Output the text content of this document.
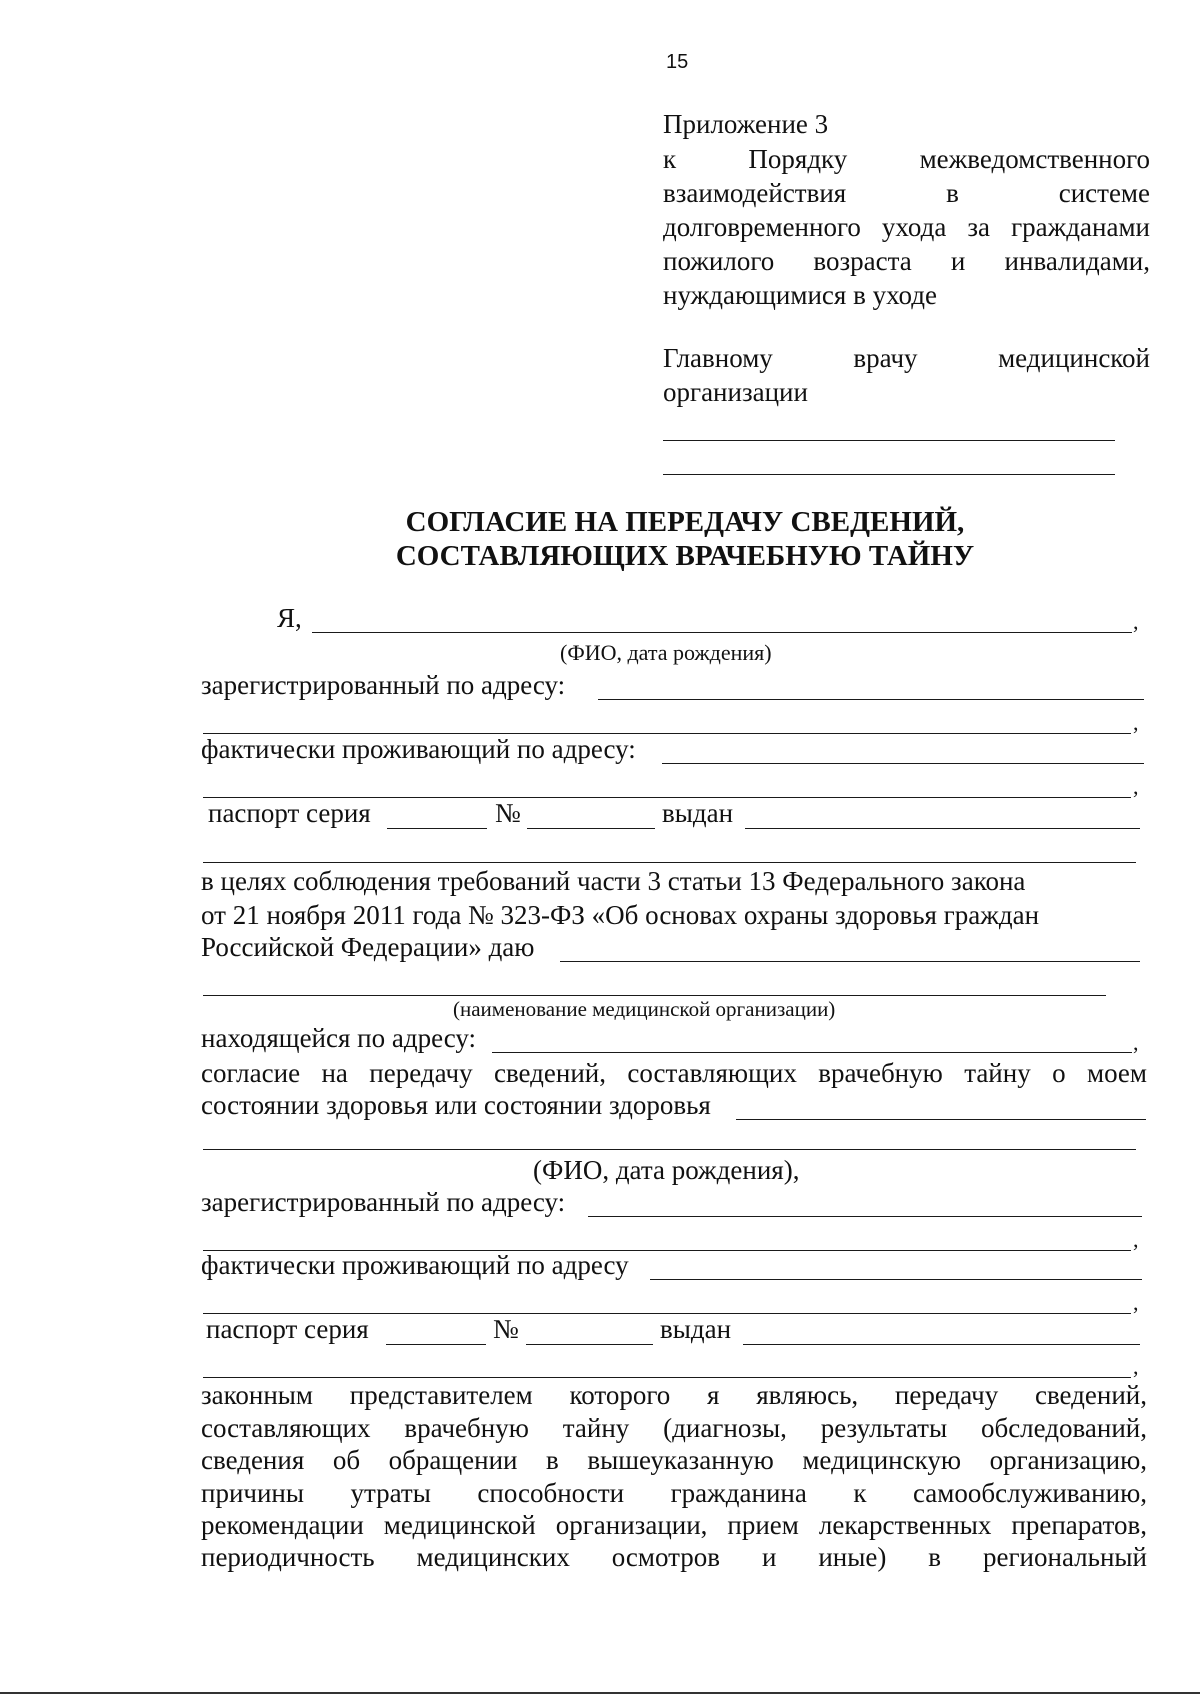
15
Приложение 3
к Порядку межведомственного
взаимодействия в системе
долговременного ухода за гражданами
пожилого возраста и инвалидами,
нуждающимися в уходе
Главному врачу медицинской
организации
СОГЛАСИЕ НА ПЕРЕДАЧУ СВЕДЕНИЙ,
СОСТАВЛЯЮЩИХ ВРАЧЕБНУЮ ТАЙНУ
Я,	,
(ФИО, дата рождения)
зарегистрированный по адресу:
,
фактически проживающий по адресу:
,
паспорт серия	№	выдан
в целях соблюдения требований части 3 статьи 13 Федерального закона
от 21 ноября 2011 года № 323-ФЗ «Об основах охраны здоровья граждан
Российской Федерации» даю
(наименование медицинской организации)
находящейся по адресу:	,
согласие на передачу сведений, составляющих врачебную тайну о моем
состоянии здоровья или состоянии здоровья
(ФИО, дата рождения),
зарегистрированный по адресу:
,
фактически проживающий по адресу
,
паспорт серия	№	выдан
,
законным представителем которого я являюсь, передачу сведений,
составляющих врачебную тайну (диагнозы, результаты обследований,
сведения об обращении в вышеуказанную медицинскую организацию,
причины утраты способности гражданина к самообслуживанию,
рекомендации медицинской организации, прием лекарственных препаратов,
периодичность медицинских осмотров и иные) в региональный
